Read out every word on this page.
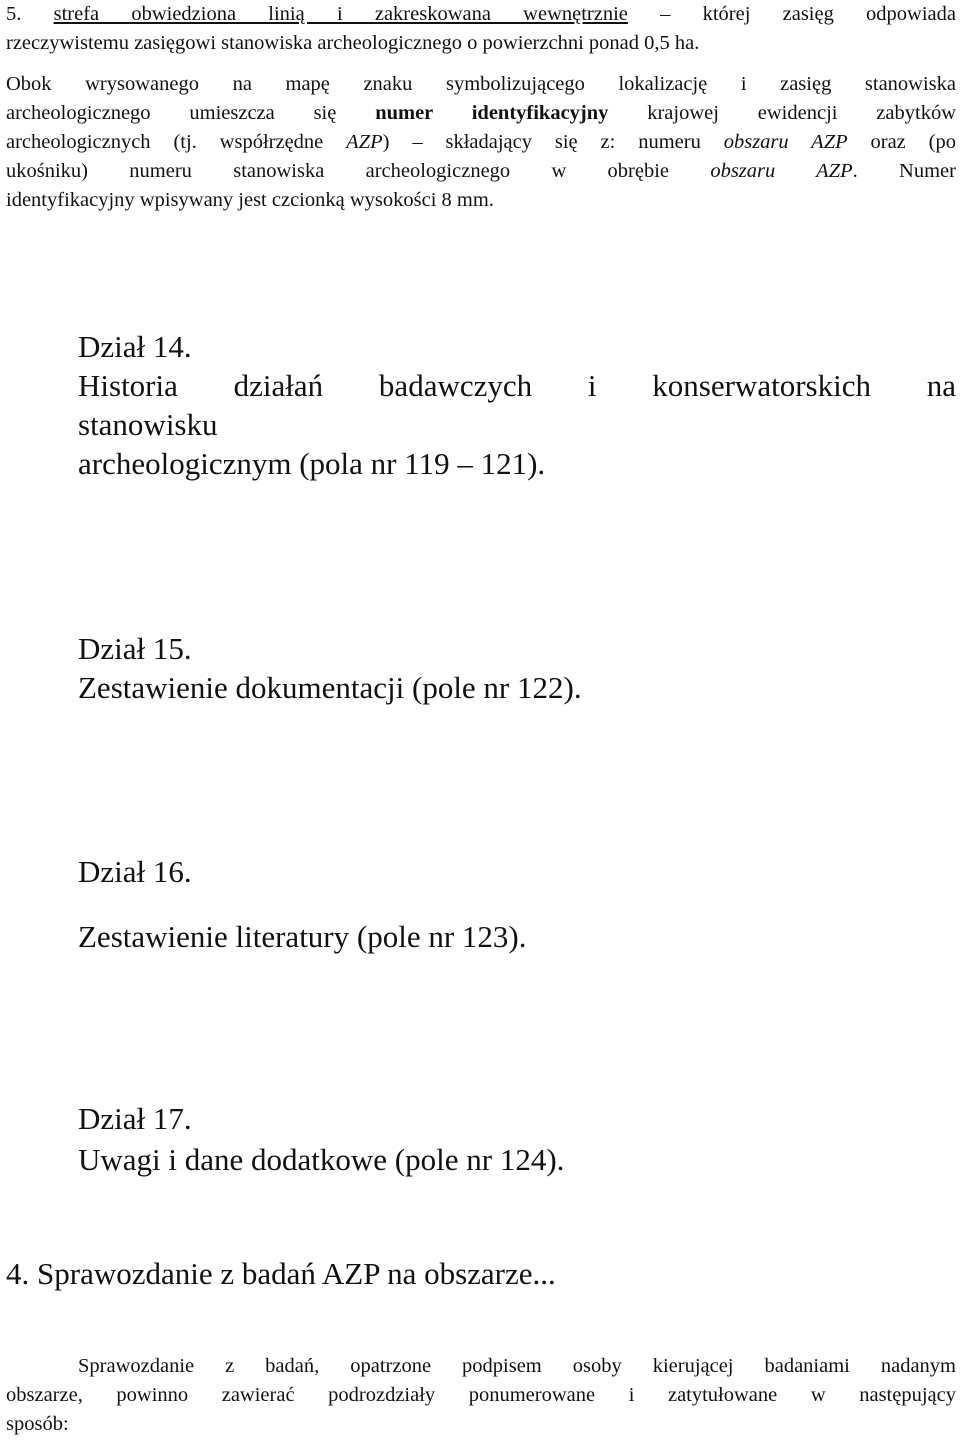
5. strefa obwiedziona linią i zakreskowana wewnętrznie – której zasięg odpowiada

rzeczywistemu zasięgowi stanowiska archeologicznego o powierzchni ponad 0,5 ha.

Obok wrysowanego na mapę znaku symbolizującego lokalizację i zasięg stanowiska

archeologicznego umieszcza się numer identyfikacyjny krajowej ewidencji zabytków

archeologicznych (tj. współrzędne AZP) – składający się z: numeru obszaru AZP oraz (po

ukośniku) numeru stanowiska archeologicznego w obrębie obszaru AZP. Numer

identyfikacyjny wpisywany jest czcionką wysokości 8 mm.

Dział 14.
Historia działań badawczych i konserwatorskich na
stanowisku
archeologicznym (pola nr 119 – 121).
Dział 15.
Zestawienie dokumentacji (pole nr 122).
Dział 16.
Zestawienie literatury (pole nr 123).
Dział 17.
Uwagi i dane dodatkowe (pole nr 124).
4. Sprawozdanie z badań AZP na obszarze...

Sprawozdanie z badań, opatrzone podpisem osoby kierującej badaniami nadanym

obszarze, powinno zawierać podrozdziały ponumerowane i zatytułowane w następujący

sposób:
